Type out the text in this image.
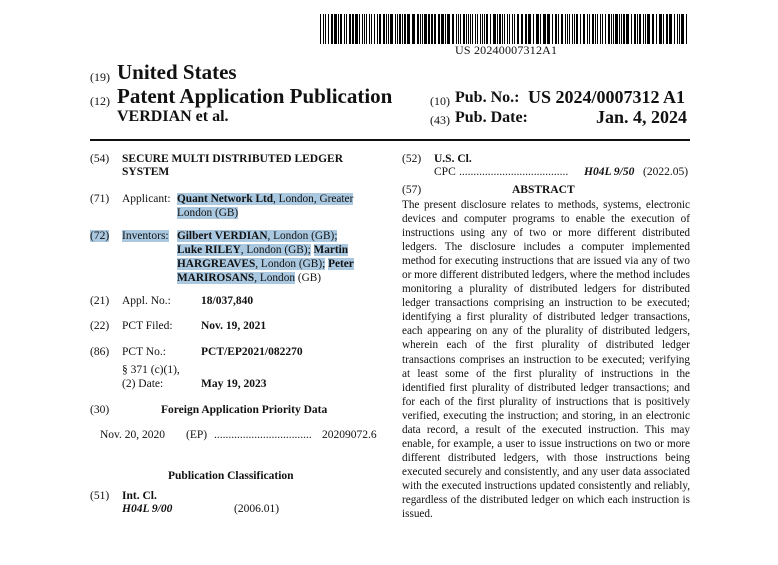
US 20240007312A1
(19) United States
(12) Patent Application Publication
VERDIAN et al.
(10) Pub. No.: US 2024/0007312 A1
(43) Pub. Date:	Jan. 4, 2024
(54) SECURE MULTI DISTRIBUTED LEDGER
SYSTEM
(71) Applicant: Quant Network Ltd, London, Greater
London (GB)
(72) Inventors: Gilbert VERDIAN, London (GB);
Luke RILEY, London (GB); Martin
HARGREAVES, London (GB); Peter
MARIROSANS, London (GB)
(21) Appl. No.:	18/037,840
(22) PCT Filed: Nov. 19, 2021
(86) PCT No.:	PCT/EP2021/082270
§ 371 (c)(1),
(2) Date:	May 19, 2023
(30)	Foreign Application Priority Data
Nov. 20, 2020 (EP) .................................. 20209072.6
Publication Classification
(51) Int. Cl.
H04L 9/00	(2006.01)
(52) U.S. Cl.
CPC ...................................... H04L 9/50 (2022.05)
(57)	ABSTRACT
The present disclosure relates to methods, systems, electronic devices and computer programs to enable the execution of instructions using any of two or more different distributed ledgers. The disclosure includes a computer implemented method for executing instructions that are issued via any of two or more different distributed ledgers, where the method includes monitoring a plurality of distributed ledgers for distributed ledger transactions comprising an instruction to be executed; identifying a first plurality of distributed ledger transactions, each appearing on any of the plurality of distributed ledgers, wherein each of the first plurality of distributed ledger transactions comprises an instruction to be executed; verifying at least some of the first plurality of instructions in the identified first plurality of distributed ledger transactions; and for each of the first plurality of instructions that is positively verified, executing the instruction; and storing, in an electronic data record, a result of the executed instruction. This may enable, for example, a user to issue instructions on two or more different distributed ledgers, with those instructions being executed securely and consistently, and any user data associated with the executed instructions updated consistently and reliably, regardless of the distributed ledger on which each instruction is issued.
